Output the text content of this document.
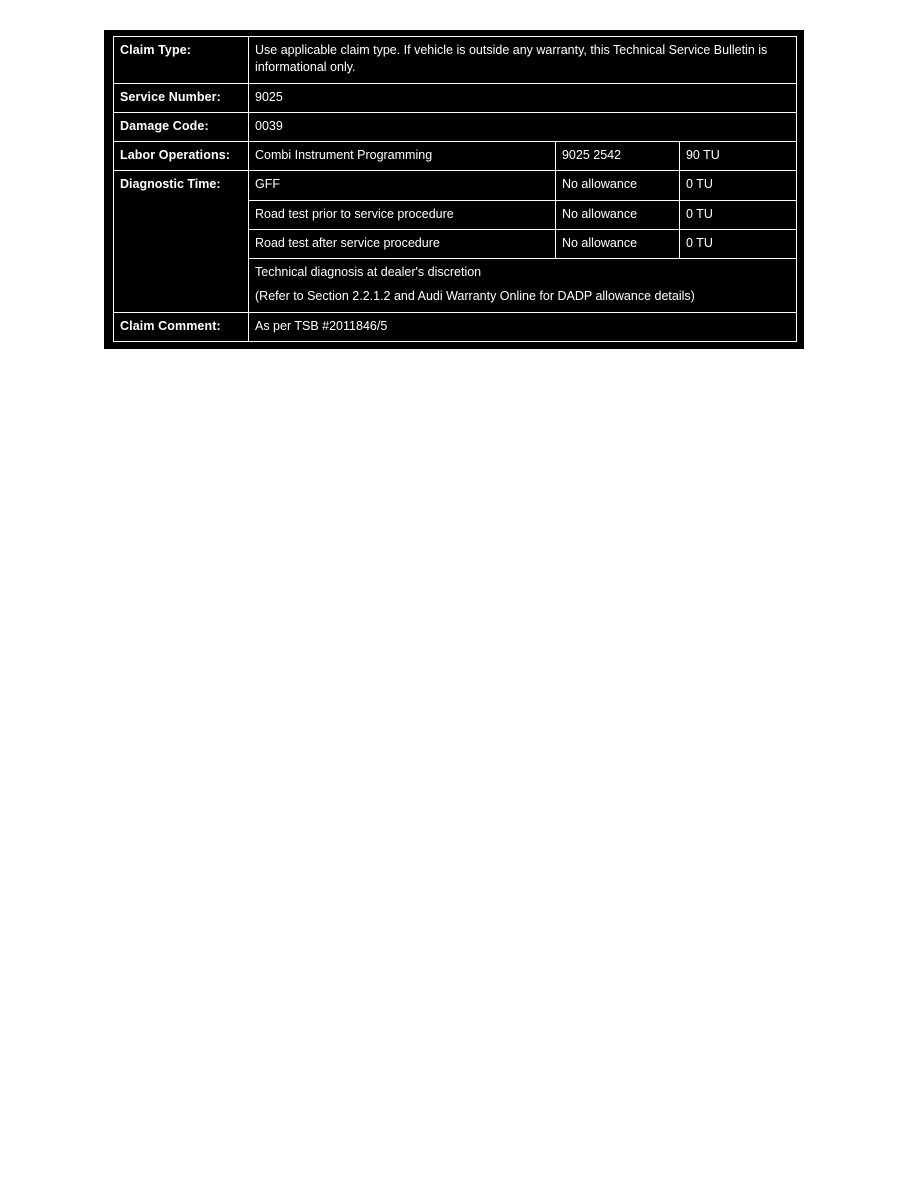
Claim Type:	Use applicable claim type. If vehicle is outside any warranty, this Technical Service Bulletin is informational only.		
Service Number:	9025		
Damage Code:	0039		
Labor Operations:	Combi Instrument Programming	9025 2542	90 TU
Diagnostic Time:	GFF	No allowance	0 TU
	Road test prior to service procedure	No allowance	0 TU
	Road test after service procedure	No allowance	0 TU

	Technical diagnosis at dealer's discretion
(Refer to Section 2.2.1.2 and Audi Warranty Online for DADP allowance details)		

Claim Comment:	As per TSB #2011846/5		
